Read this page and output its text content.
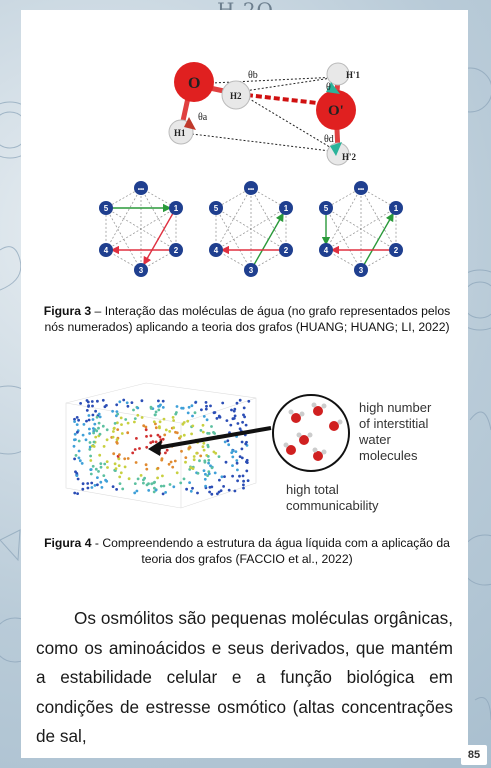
O
H2
H1
O'
H'1
H'2
θa
θb
θ
θd
•••
1
2
3
4
5
•••
1
2
3
4
5
•••
1
2
3
4
5
Figura 3 – Interação das moléculas de água (no grafo representados pelos nós numerados) aplicando a teoria dos grafos (HUANG; HUANG; LI, 2022)
high number
of interstitial
water
molecules
high total
communicability
Figura 4 - Compreendendo a estrutura da água líquida com a aplicação da teoria dos grafos (FACCIO et al., 2022)
Os osmólitos são pequenas moléculas orgânicas, como os aminoácidos e seus derivados, que mantém a estabilidade celular e a função biológica em condições de estresse osmótico (altas concentrações de sal,
85
